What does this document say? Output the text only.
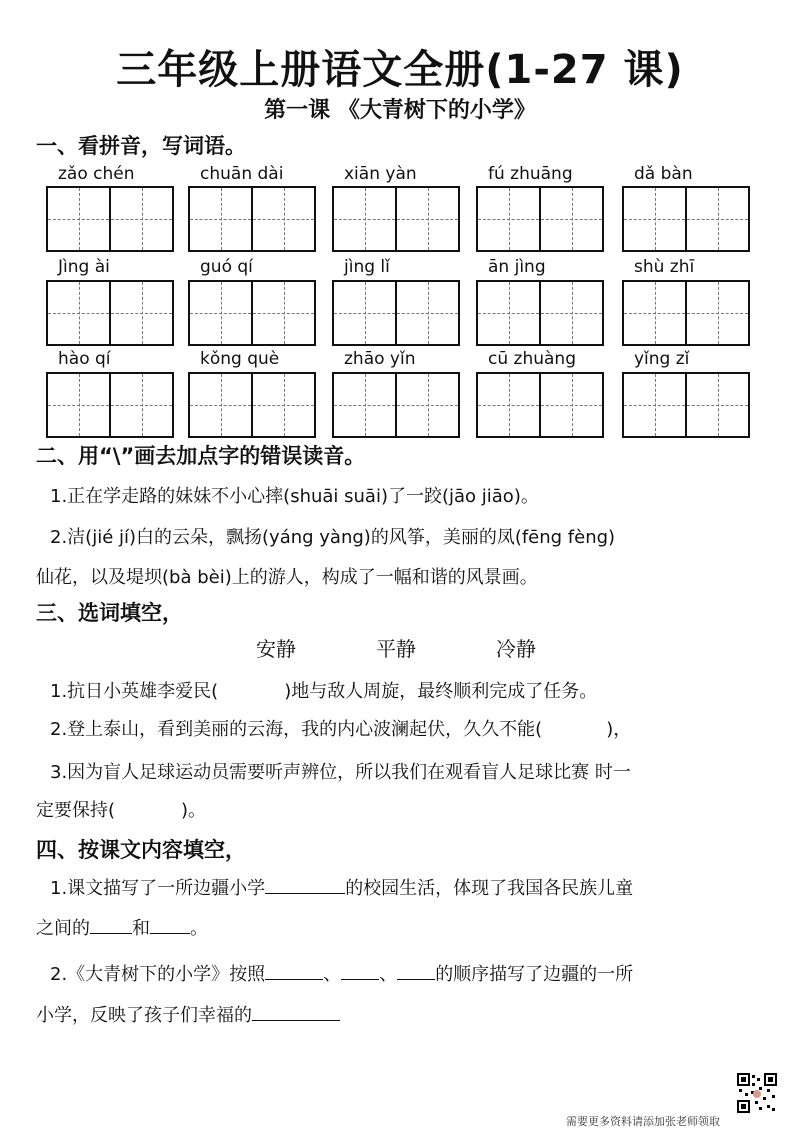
三年级上册语文全册(1-27 课)
第一课 《大青树下的小学》
一、看拼音，写词语。
zǎo chén	chuān dài	xiān yàn	fú zhuāng	dǎ bàn
Jìng ài	guó qí	jìng lǐ	ān jìng	shù zhī
hào qí	kǒng què	zhāo yǐn	cū zhuàng	yǐng zǐ
二、用“\”画去加点字的错误读音。
1.正在学走路的妹妹不小心摔(shuāi suāi)了一跤(jāo jiāo)。
2.洁(jié jí)白的云朵，飘扬(yáng yàng)的风筝，美丽的凤(fēng fèng)
仙花，以及堤坝(bà bèi)上的游人，构成了一幅和谐的风景画。
三、选词填空，
安静	平静	冷静
1.抗日小英雄李爱民(	)地与敌人周旋，最终顺利完成了任务。
2.登上泰山，看到美丽的云海，我的内心波澜起伏，久久不能(	)，
3.因为盲人足球运动员需要听声辨位，所以我们在观看盲人足球比赛 时一
定要保持(	)。
四、按课文内容填空，
1.课文描写了一所边疆小学	的校园生活，体现了我国各民族儿童
之间的 和 。
2.《大青树下的小学》按照	、 、 的顺序描写了边疆的一所
小学，反映了孩子们幸福的
需要更多资料请添加张老师领取
